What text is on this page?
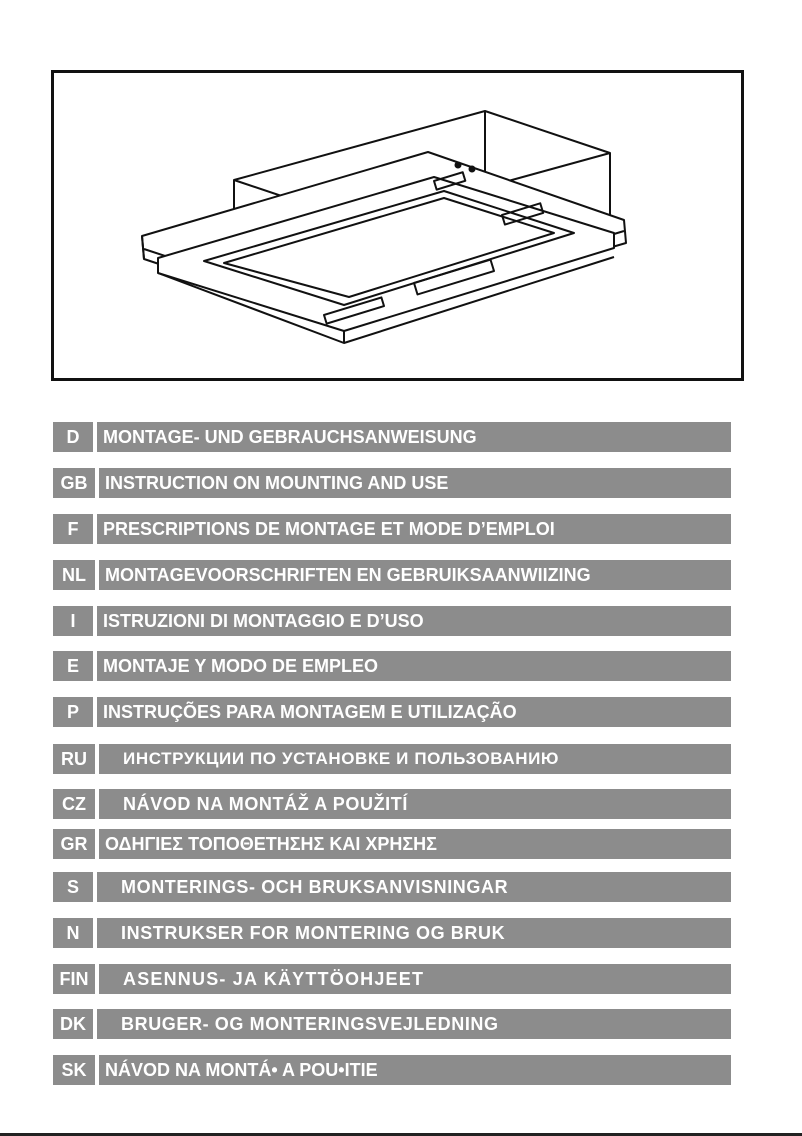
D	MONTAGE- UND GEBRAUCHSANWEISUNG
GB INSTRUCTION ON MOUNTING AND USE
F	PRESCRIPTIONS DE MONTAGE ET MODE D’EMPLOI
NL	MONTAGEVOORSCHRIFTEN EN GEBRUIKSAANWIIZING
I	ISTRUZIONI DI MONTAGGIO E D’USO
E	MONTAJE Y MODO DE EMPLEO
P	INSTRUÇÕES PARA MONTAGEM E UTILIZAÇÃO
RU	ИНСТРУКЦИИ ПО УСТАНОВКЕ И ПОЛЬЗОВАНИЮ
CZ	NÁVOD NA MONTÁŽ A POUŽITÍ
GR ΟΔΗΓΙΕΣ ΤΟΠΟΘΕΤΗΣΗΣ ΚΑΙ ΧΡΗΣΗΣ
S	MONTERINGS- OCH BRUKSANVISNINGAR
N	INSTRUKSER FOR MONTERING OG BRUK
FIN	ASENNUS- JA KÄYTTÖOHJEET
DK	BRUGER- OG MONTERINGSVEJLEDNING
SK	NÁVOD NA MONTÁ• A POU•ITIE
